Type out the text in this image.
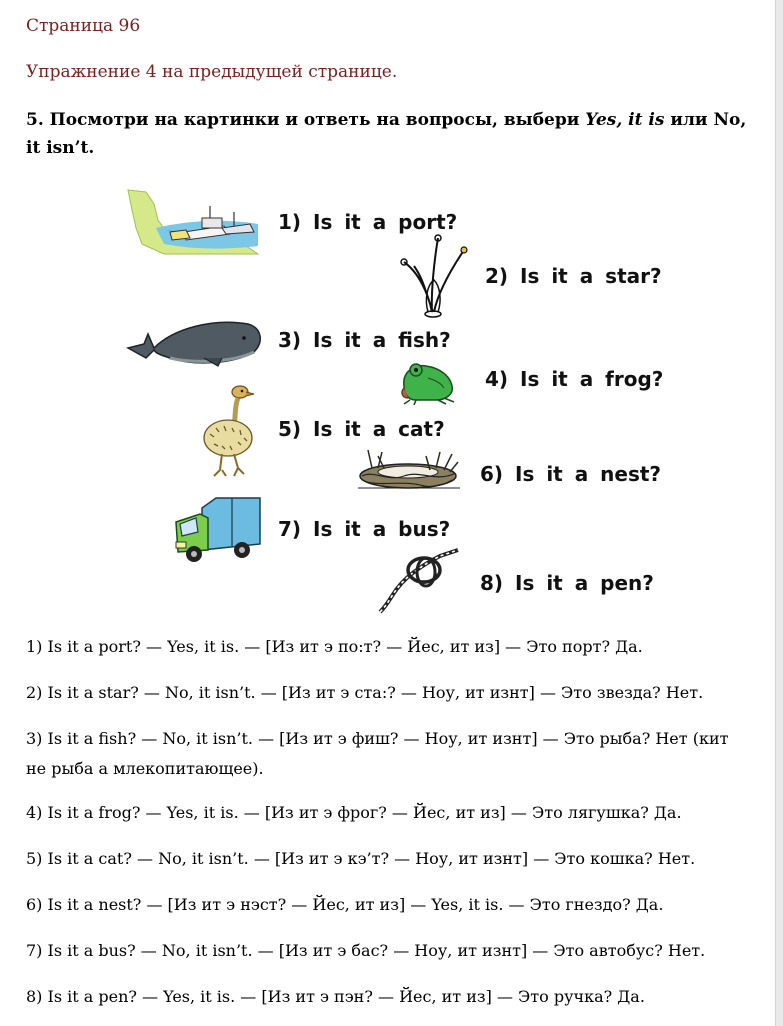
Страница 96
Упражнение 4 на предыдущей странице.
5. Посмотри на картинки и ответь на вопросы, выбери Yes, it is или No, it isn’t.
1) Is it a port?
2) Is it a star?
3) Is it a fish?
4) Is it a frog?
5) Is it a cat?
6) Is it a nest?
7) Is it a bus?
8) Is it a pen?
1) Is it a port? — Yes, it is. — [Из ит э по:т? — Йес, ит из] — Это порт? Да.
2) Is it a star? — No, it isn’t. — [Из ит э ста:? — Ноу, ит изнт] — Это звезда? Нет.
3) Is it a fish? — No, it isn’t. — [Из ит э фиш? — Ноу, ит изнт] — Это рыба? Нет (кит не рыба а млекопитающее).
4) Is it a frog? — Yes, it is. — [Из ит э фрог? — Йес, ит из] — Это лягушка? Да.
5) Is it a cat? — No, it isn’t. — [Из ит э кэ’т? — Ноу, ит изнт] — Это кошка? Нет.
6) Is it a nest? — [Из ит э нэст? — Йес, ит из] — Yes, it is. — Это гнездо? Да.
7) Is it a bus? — No, it isn’t. — [Из ит э бас? — Ноу, ит изнт] — Это автобус? Нет.
8) Is it a pen? — Yes, it is. — [Из ит э пэн? — Йес, ит из] — Это ручка? Да.
